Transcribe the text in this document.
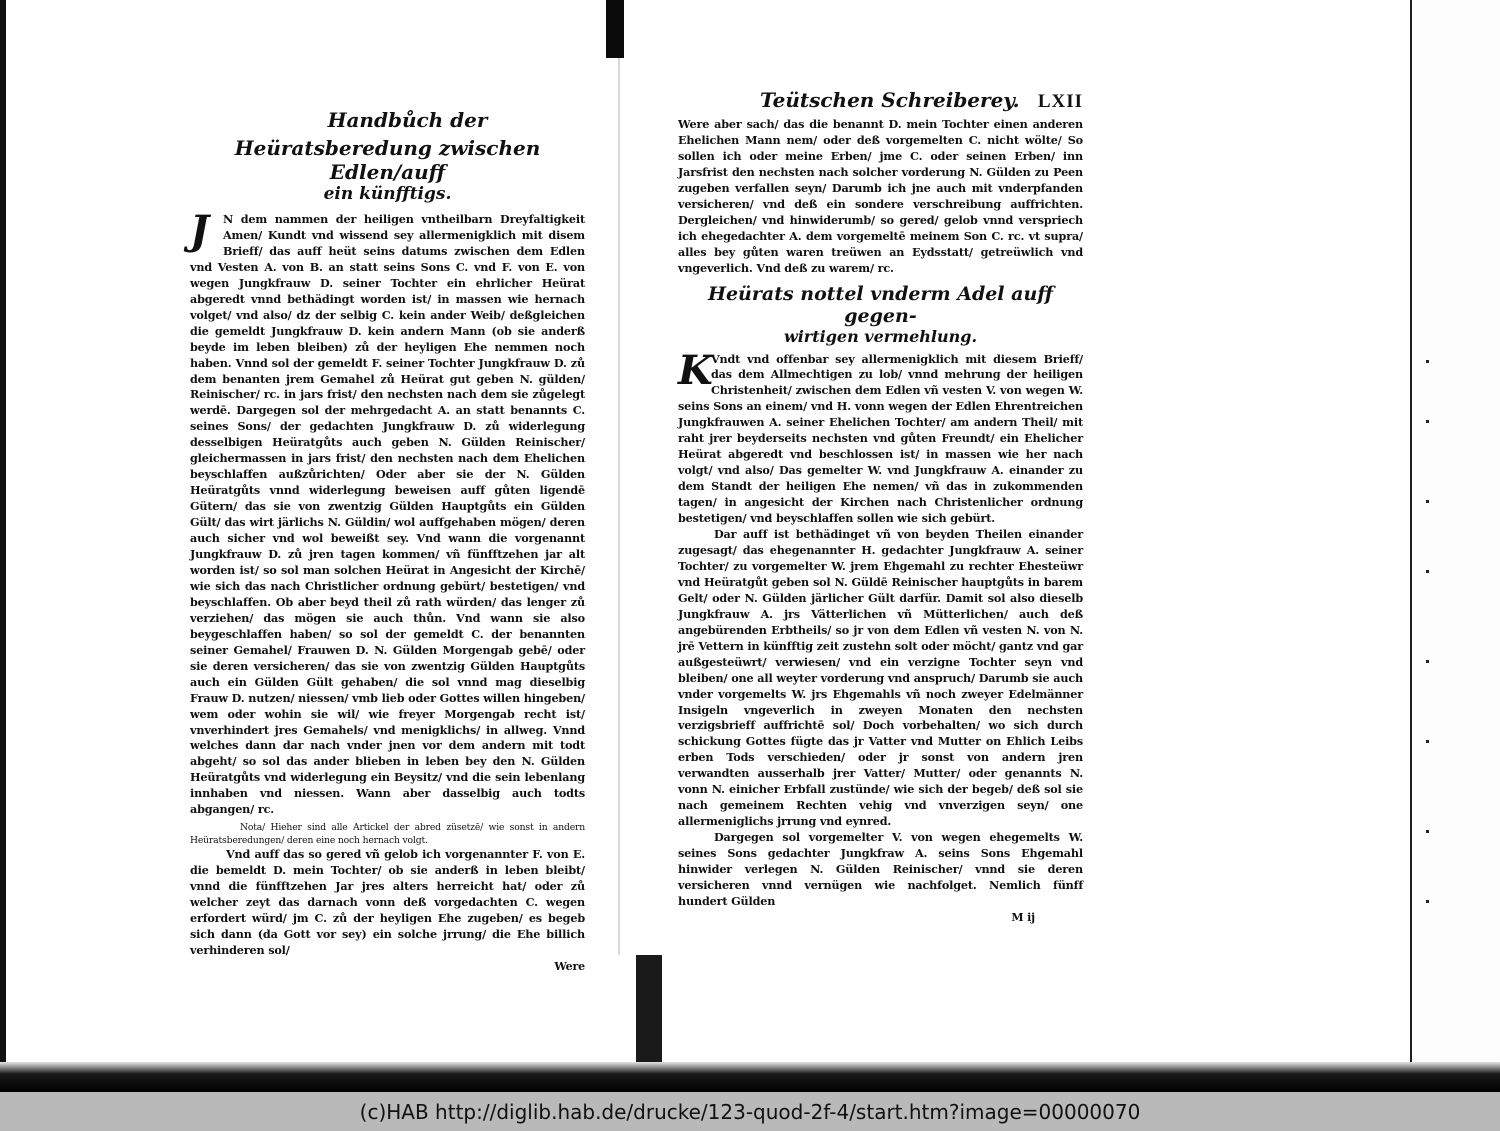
Handbůch der
Heüratsberedung zwischen Edlen/auff
ein künfftigs.
J	N dem nammen der heiligen vntheilbarn Dreyfaltigkeit Amen/ Kundt vnd wissend sey allermenigklich mit disem Brieff/ das auff heüt seins datums zwischen dem Edlen vnd Vesten A. von B. an statt seins Sons C. vnd F. von E. von wegen Jungkfrauw D. seiner Tochter ein ehrlicher Heürat abgeredt vnnd bethädingt worden ist/ in massen wie hernach volget/ vnd also/ dz der selbig C. kein ander Weib/ deßgleichen die gemeldt Jungkfrauw D. kein andern Mann (ob sie anderß beyde im leben bleiben) zů der heyligen Ehe nemmen noch haben. Vnnd sol der gemeldt F. seiner Tochter Jungkfrauw D. zů dem benanten jrem Gemahel zů Heürat gut geben N. gülden/ Reinischer/ rc. in jars frist/ den nechsten nach dem sie zůgelegt werdē. Dargegen sol der mehrgedacht A. an statt benannts C. seines Sons/ der gedachten Jungkfrauw D. zů widerlegung desselbigen Heüratgůts auch geben N. Gülden Reinischer/ gleichermassen in jars frist/ den nechsten nach dem Ehelichen beyschlaffen außzůrichten/ Oder aber sie der N. Gülden Heüratgůts vnnd widerlegung beweisen auff gůten ligendē Gütern/ das sie von zwentzig Gülden Hauptgůts ein Gülden Gült/ das wirt järlichs N. Güldin/ wol auffgehaben mögen/ deren auch sicher vnd wol beweißt sey. Vnd wann die vorgenannt Jungkfrauw D. zů jren tagen kommen/ vñ fünfftzehen jar alt worden ist/ so sol man solchen Heürat in Angesicht der Kirchē/ wie sich das nach Christlicher ordnung gebürt/ bestetigen/ vnd beyschlaffen. Ob aber beyd theil zů rath würden/ das lenger zů verziehen/ das mögen sie auch thůn. Vnd wann sie also beygeschlaffen haben/ so sol der gemeldt C. der benannten seiner Gemahel/ Frauwen D. N. Gülden Morgengab gebē/ oder sie deren versicheren/ das sie von zwentzig Gülden Hauptgůts auch ein Gülden Gült gehaben/ die sol vnnd mag dieselbig Frauw D. nutzen/ niessen/ vmb lieb oder Gottes willen hingeben/ wem oder wohin sie wil/ wie freyer Morgengab recht ist/ vnverhindert jres Gemahels/ vnd menigklichs/ in allweg. Vnnd welches dann dar nach vnder jnen vor dem andern mit todt abgeht/ so sol das ander blieben in leben bey den N. Gülden Heüratgůts vnd widerlegung ein Beysitz/ vnd die sein lebenlang innhaben vnd niessen. Wann aber dasselbig auch todts abgangen/ rc.

Nota/ Hieher sind alle Artickel der abred züsetzē/ wie sonst in andern Heüratsberedungen/ deren eine noch hernach volgt.

Vnd auff das so gered vñ gelob ich vorgenannter F. von E. die bemeldt D. mein Tochter/ ob sie anderß in leben bleibt/ vnnd die fünfftzehen Jar jres alters herreicht hat/ oder zů welcher zeyt das darnach vonn deß vorgedachten C. wegen erfordert würd/ jm C. zů der heyligen Ehe zugeben/ es begeb sich dann (da Gott vor sey) ein solche jrrung/ die Ehe billich verhinderen sol/

Were
Teütschen Schreiberey. LXII

Were aber sach/ das die benannt D. mein Tochter einen anderen Ehelichen Mann nem/ oder deß vorgemelten C. nicht wölte/ So sollen ich oder meine Erben/ jme C. oder seinen Erben/ inn Jarsfrist den nechsten nach solcher vorderung N. Gülden zu Peen zugeben verfallen seyn/ Darumb ich jne auch mit vnderpfanden versicheren/ vnd deß ein sondere verschreibung auffrichten. Dergleichen/ vnd hinwiderumb/ so gered/ gelob vnnd verspriech ich ehegedachter A. dem vorgemeltē meinem Son C. rc. vt supra/ alles bey gůten waren treüwen an Eydsstatt/ getreüwlich vnd vngeverlich. Vnd deß zu warem/ rc.

Heürats nottel vnderm Adel auff gegen-
wirtigen vermehlung.
K

Vndt vnd offenbar sey allermenigklich mit diesem Brieff/ das dem Allmechtigen zu lob/ vnnd mehrung der heiligen Christenheit/ zwischen dem Edlen vñ vesten V. von wegen W. seins Sons an einem/ vnd H. vonn wegen der Edlen Ehrentreichen Jungkfrauwen A. seiner Ehelichen Tochter/ am andern Theil/ mit raht jrer beyderseits nechsten vnd gůten Freundt/ ein Ehelicher Heürat abgeredt vnd beschlossen ist/ in massen wie her nach volgt/ vnd also/ Das gemelter W. vnd Jungkfrauw A. einander zu dem Standt der heiligen Ehe nemen/ vñ das in zukommenden tagen/ in angesicht der Kirchen nach Christenlicher ordnung bestetigen/ vnd beyschlaffen sollen wie sich gebürt.

Dar auff ist bethädinget vñ von beyden Theilen einander zugesagt/ das ehegenannter H. gedachter Jungkfrauw A. seiner Tochter/ zu vorgemelter W. jrem Ehgemahl zu rechter Ehesteüwr vnd Heüratgůt geben sol N. Güldē Reinischer hauptgůts in barem Gelt/ oder N. Gülden järlicher Gült darfür. Damit sol also dieselb Jungkfrauw A. jrs Vätterlichen vñ Mütterlichen/ auch deß angebürenden Erbtheils/ so jr von dem Edlen vñ vesten N. von N. jrē Vettern in künfftig zeit zustehn solt oder möcht/ gantz vnd gar außgesteüwrt/ verwiesen/ vnd ein verzigne Tochter seyn vnd bleiben/ one all weyter vorderung vnd anspruch/ Darumb sie auch vnder vorgemelts W. jrs Ehgemahls vñ noch zweyer Edelmänner Insigeln vngeverlich in zweyen Monaten den nechsten verzigsbrieff auffrichtē sol/ Doch vorbehalten/ wo sich durch schickung Gottes fügte das jr Vatter vnd Mutter on Ehlich Leibs erben Tods verschieden/ oder jr sonst von andern jren verwandten ausserhalb jrer Vatter/ Mutter/ oder genannts N. vonn N. einicher Erbfall zustünde/ wie sich der begeb/ deß sol sie nach gemeinem Rechten vehig vnd vnverzigen seyn/ one allermeniglichs jrrung vnd eynred.

Dargegen sol vorgemelter V. von wegen ehegemelts W. seines Sons gedachter Jungkfraw A. seins Sons Ehgemahl hinwider verlegen N. Gülden Reinischer/ vnnd sie deren versicheren vnnd vernügen wie nachfolget. Nemlich fünff hundert Gülden

M ij
(c)HAB http://diglib.hab.de/drucke/123-quod-2f-4/start.htm?image=00000070
